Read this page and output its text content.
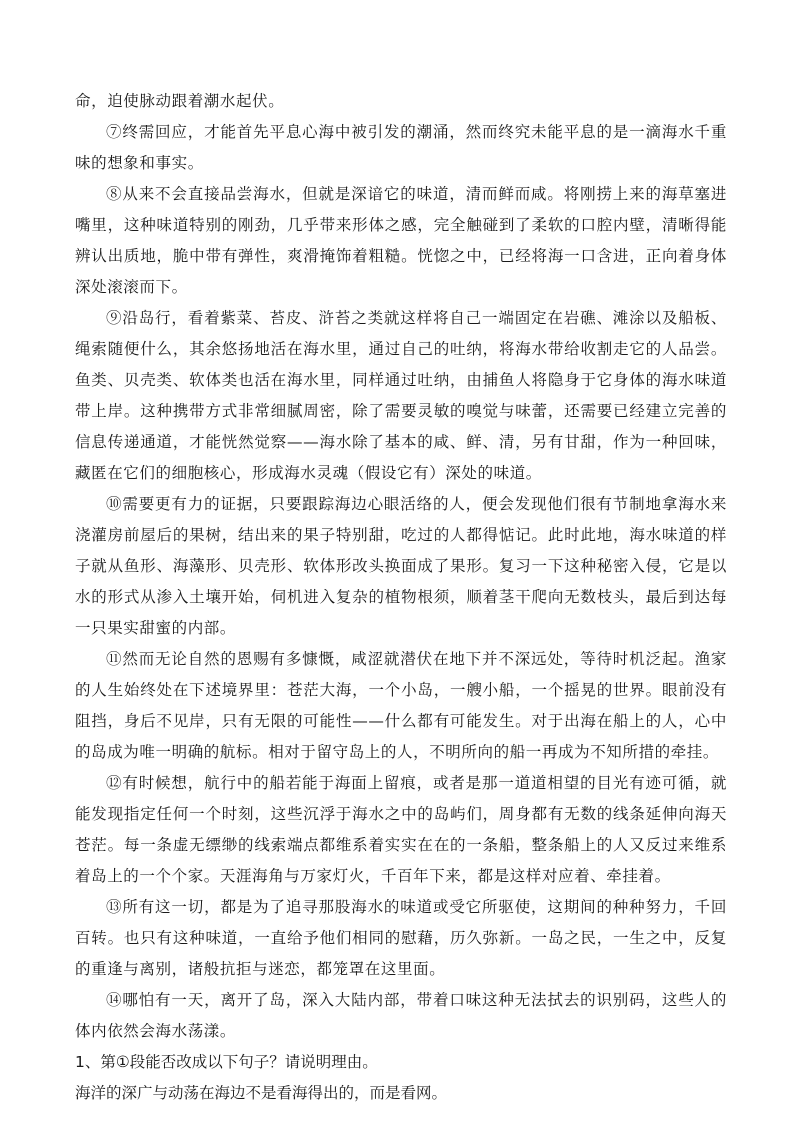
命，迫使脉动跟着潮水起伏。

⑦终需回应，才能首先平息心海中被引发的潮涌，然而终究未能平息的是一滴海水千重味的想象和事实。

⑧从来不会直接品尝海水，但就是深谙它的味道，清而鲜而咸。将刚捞上来的海草塞进嘴里，这种味道特别的刚劲，几乎带来形体之感，完全触碰到了柔软的口腔内壁，清晰得能辨认出质地，脆中带有弹性，爽滑掩饰着粗糙。恍惚之中，已经将海一口含进，正向着身体深处滚滚而下。

⑨沿岛行，看着紫菜、苔皮、浒苔之类就这样将自己一端固定在岩礁、滩涂以及船板、绳索随便什么，其余悠扬地活在海水里，通过自己的吐纳，将海水带给收割走它的人品尝。鱼类、贝壳类、软体类也活在海水里，同样通过吐纳，由捕鱼人将隐身于它身体的海水味道带上岸。这种携带方式非常细腻周密，除了需要灵敏的嗅觉与味蕾，还需要已经建立完善的信息传递通道，才能恍然觉察——海水除了基本的咸、鲜、清，另有甘甜，作为一种回味，藏匿在它们的细胞核心，形成海水灵魂（假设它有）深处的味道。

⑩需要更有力的证据，只要跟踪海边心眼活络的人，便会发现他们很有节制地拿海水来浇灌房前屋后的果树，结出来的果子特别甜，吃过的人都得惦记。此时此地，海水味道的样子就从鱼形、海藻形、贝壳形、软体形改头换面成了果形。复习一下这种秘密入侵，它是以水的形式从渗入土壤开始，伺机进入复杂的植物根须，顺着茎干爬向无数枝头，最后到达每一只果实甜蜜的内部。

⑪然而无论自然的恩赐有多慷慨，咸涩就潜伏在地下并不深远处，等待时机泛起。渔家的人生始终处在下述境界里：苍茫大海，一个小岛，一艘小船，一个摇晃的世界。眼前没有阻挡，身后不见岸，只有无限的可能性——什么都有可能发生。对于出海在船上的人，心中的岛成为唯一明确的航标。相对于留守岛上的人，不明所向的船一再成为不知所措的牵挂。

⑫有时候想，航行中的船若能于海面上留痕，或者是那一道道相望的目光有迹可循，就能发现指定任何一个时刻，这些沉浮于海水之中的岛屿们，周身都有无数的线条延伸向海天苍茫。每一条虚无缥缈的线索端点都维系着实实在在的一条船，整条船上的人又反过来维系着岛上的一个个家。天涯海角与万家灯火，千百年下来，都是这样对应着、牵挂着。

⑬所有这一切，都是为了追寻那股海水的味道或受它所驱使，这期间的种种努力，千回百转。也只有这种味道，一直给予他们相同的慰藉，历久弥新。一岛之民，一生之中，反复的重逢与离别，诸般抗拒与迷恋，都笼罩在这里面。

⑭哪怕有一天，离开了岛，深入大陆内部，带着口味这种无法拭去的识别码，这些人的体内依然会海水荡漾。

1、第①段能否改成以下句子？请说明理由。

海洋的深广与动荡在海边不是看海得出的，而是看网。
